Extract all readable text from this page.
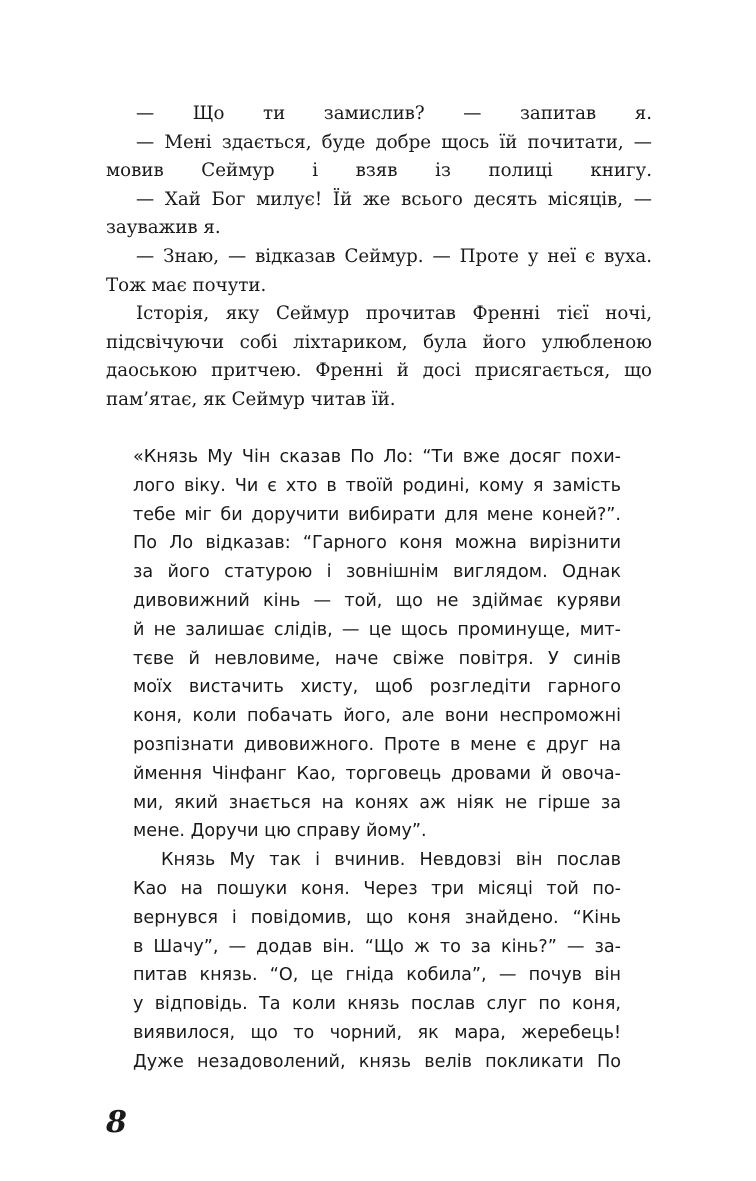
— Що ти замислив? — запитав я.

— Мені здається, буде добре щось їй почитати, —

мовив Сеймур і взяв із полиці книгу.

— Хай Бог милує! Їй же всього десять місяців, —

зауважив я.

— Знаю, — відказав Сеймур. — Проте у неї є вуха.

Тож має почути.

Історія, яку Сеймур прочитав Френні тієї ночі,

підсвічуючи собі ліхтариком, була його улюбленою

даоською притчею. Френні й досі присягається, що

пам’ятає, як Сеймур читав їй.

«Князь Му Чін сказав По Ло: “Ти вже досяг похи-

лого віку. Чи є хто в твоїй родині, кому я замість

тебе міг би доручити вибирати для мене коней?”.

По Ло відказав: “Гарного коня можна вирізнити

за його статурою і зовнішнім виглядом. Однак

дивовижний кінь — той, що не здіймає куряви

й не залишає слідів, — це щось проминуще, мит-

тєве й невловиме, наче свіже повітря. У синів

моїх вистачить хисту, щоб розгледіти гарного

коня, коли побачать його, але вони неспроможні

розпізнати дивовижного. Проте в мене є друг на

ймення Чінфанг Као, торговець дровами й овоча-

ми, який знається на конях аж ніяк не гірше за

мене. Доручи цю справу йому”.

Князь Му так і вчинив. Невдовзі він послав

Као на пошуки коня. Через три місяці той по-

вернувся і повідомив, що коня знайдено. “Кінь

в Шачу”, — додав він. “Що ж то за кінь?” — за-

питав князь. “О, це гніда кобила”, — почув він

у відповідь. Та коли князь послав слуг по коня,

виявилося, що то чорний, як мара, жеребець!

Дуже незадоволений, князь велів покликати По

8
